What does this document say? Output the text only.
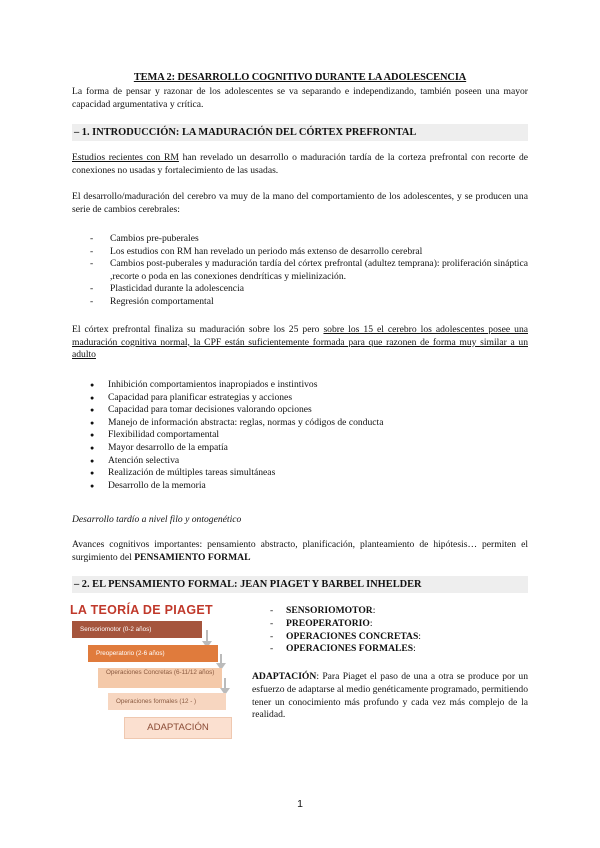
TEMA 2: DESARROLLO COGNITIVO DURANTE LA ADOLESCENCIA

La forma de pensar y razonar de los adolescentes se va separando e independizando, también poseen una mayor capacidad argumentativa y crítica.

– 1. INTRODUCCIÓN: LA MADURACIÓN DEL CÓRTEX PREFRONTAL

Estudios recientes con RM han revelado un desarrollo o maduración tardía de la corteza prefrontal con recorte de conexiones no usadas y fortalecimiento de las usadas.

El desarrollo/maduración del cerebro va muy de la mano del comportamiento de los adolescentes, y se producen una serie de cambios cerebrales:

- Cambios pre-puberales
- Los estudios con RM han revelado un periodo más extenso de desarrollo cerebral
- Cambios post-puberales y maduración tardía del córtex prefrontal (adultez temprana): proliferación sináptica ,recorte o poda en las conexiones dendríticas y mielinización.
- Plasticidad durante la adolescencia
- Regresión comportamental

El córtex prefrontal finaliza su maduración sobre los 25 pero sobre los 15 el cerebro los adolescentes posee una maduración cognitiva normal, la CPF están suficientemente formada para que razonen de forma muy similar a un adulto

● Inhibición comportamientos inapropiados e instintivos
● Capacidad para planificar estrategias y acciones
● Capacidad para tomar decisiones valorando opciones
● Manejo de información abstracta: reglas, normas y códigos de conducta
● Flexibilidad comportamental
● Mayor desarrollo de la empatía
● Atención selectiva
● Realización de múltiples tareas simultáneas
● Desarrollo de la memoria

Desarrollo tardío a nivel filo y ontogenético

Avances cognitivos importantes: pensamiento abstracto, planificación, planteamiento de hipótesis… permiten el surgimiento del PENSAMIENTO FORMAL

– 2. EL PENSAMIENTO FORMAL: JEAN PIAGET Y BARBEL INHELDER
LA TEORÍA DE PIAGET
Sensoriomotor (0-2 años)
Preoperatorio (2-6 años)
Operaciones Concretas (6-11/12 años)
Operaciones formales (12 - )
ADAPTACIÓN
- SENSORIOMOTOR:
- PREOPERATORIO:
- OPERACIONES CONCRETAS:
- OPERACIONES FORMALES:

ADAPTACIÓN: Para Piaget el paso de una a otra se produce por un esfuerzo de adaptarse al medio genéticamente programado, permitiendo tener un conocimiento más profundo y cada vez más complejo de la realidad.

1
